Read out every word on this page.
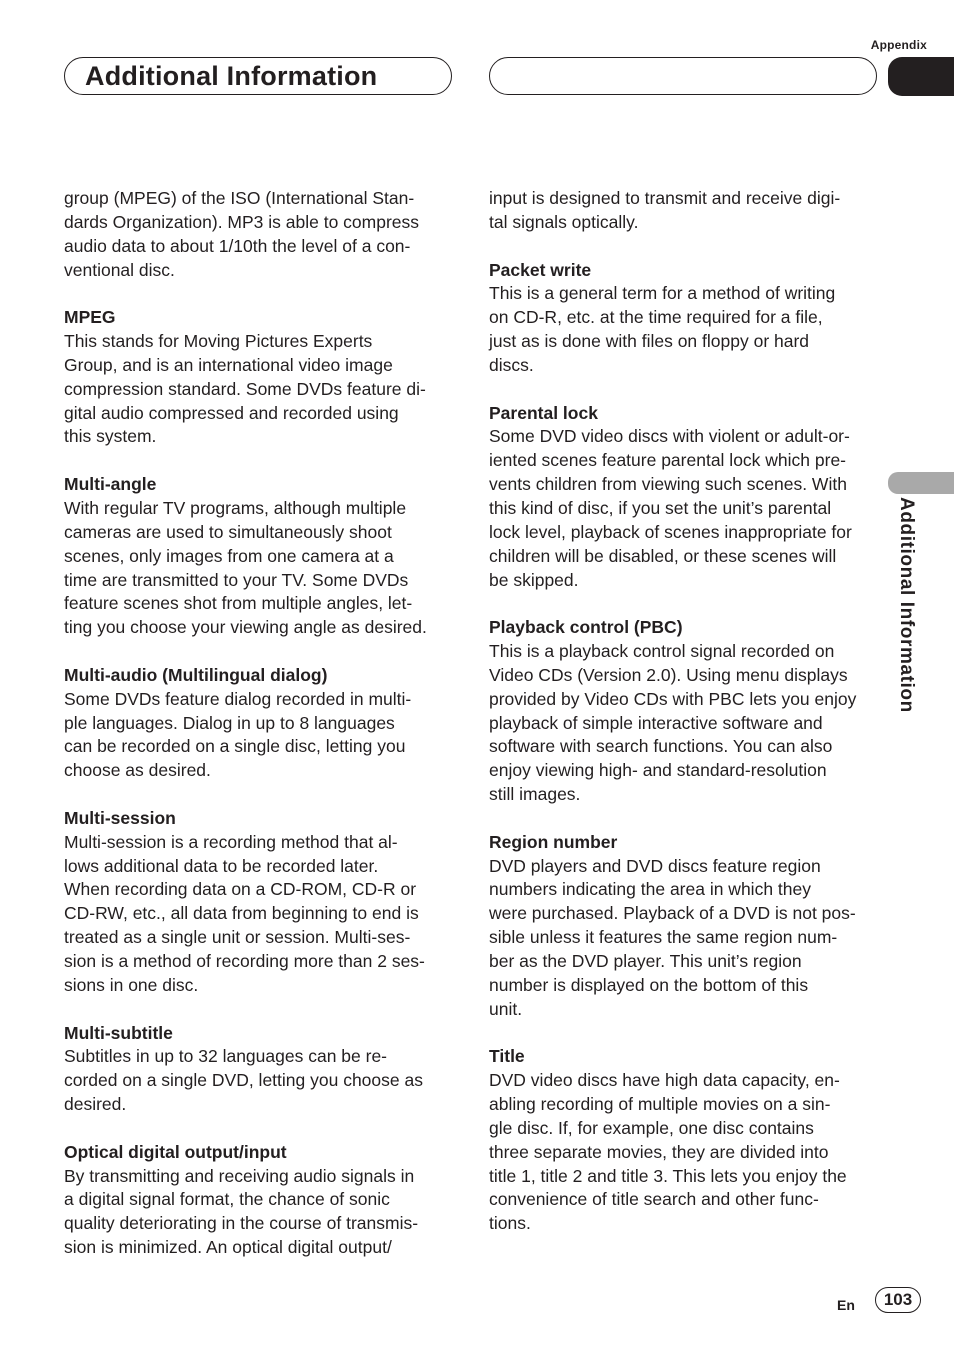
Appendix
Additional Information
Additional Information
group (MPEG) of the ISO (International Stan-
dards Organization). MP3 is able to compress
audio data to about 1/10th the level of a con-
ventional disc.
MPEG
This stands for Moving Pictures Experts
Group, and is an international video image
compression standard. Some DVDs feature di-
gital audio compressed and recorded using
this system.
Multi-angle
With regular TV programs, although multiple
cameras are used to simultaneously shoot
scenes, only images from one camera at a
time are transmitted to your TV. Some DVDs
feature scenes shot from multiple angles, let-
ting you choose your viewing angle as desired.
Multi-audio (Multilingual dialog)
Some DVDs feature dialog recorded in multi-
ple languages. Dialog in up to 8 languages
can be recorded on a single disc, letting you
choose as desired.
Multi-session
Multi-session is a recording method that al-
lows additional data to be recorded later.
When recording data on a CD-ROM, CD-R or
CD-RW, etc., all data from beginning to end is
treated as a single unit or session. Multi-ses-
sion is a method of recording more than 2 ses-
sions in one disc.
Multi-subtitle
Subtitles in up to 32 languages can be re-
corded on a single DVD, letting you choose as
desired.
Optical digital output/input
By transmitting and receiving audio signals in
a digital signal format, the chance of sonic
quality deteriorating in the course of transmis-
sion is minimized. An optical digital output/
input is designed to transmit and receive digi-
tal signals optically.
Packet write
This is a general term for a method of writing
on CD-R, etc. at the time required for a file,
just as is done with files on floppy or hard
discs.
Parental lock
Some DVD video discs with violent or adult-or-
iented scenes feature parental lock which pre-
vents children from viewing such scenes. With
this kind of disc, if you set the unit’s parental
lock level, playback of scenes inappropriate for
children will be disabled, or these scenes will
be skipped.
Playback control (PBC)
This is a playback control signal recorded on
Video CDs (Version 2.0). Using menu displays
provided by Video CDs with PBC lets you enjoy
playback of simple interactive software and
software with search functions. You can also
enjoy viewing high- and standard-resolution
still images.
Region number
DVD players and DVD discs feature region
numbers indicating the area in which they
were purchased. Playback of a DVD is not pos-
sible unless it features the same region num-
ber as the DVD player. This unit’s region
number is displayed on the bottom of this
unit.
Title
DVD video discs have high data capacity, en-
abling recording of multiple movies on a sin-
gle disc. If, for example, one disc contains
three separate movies, they are divided into
title 1, title 2 and title 3. This lets you enjoy the
convenience of title search and other func-
tions.
En	103
